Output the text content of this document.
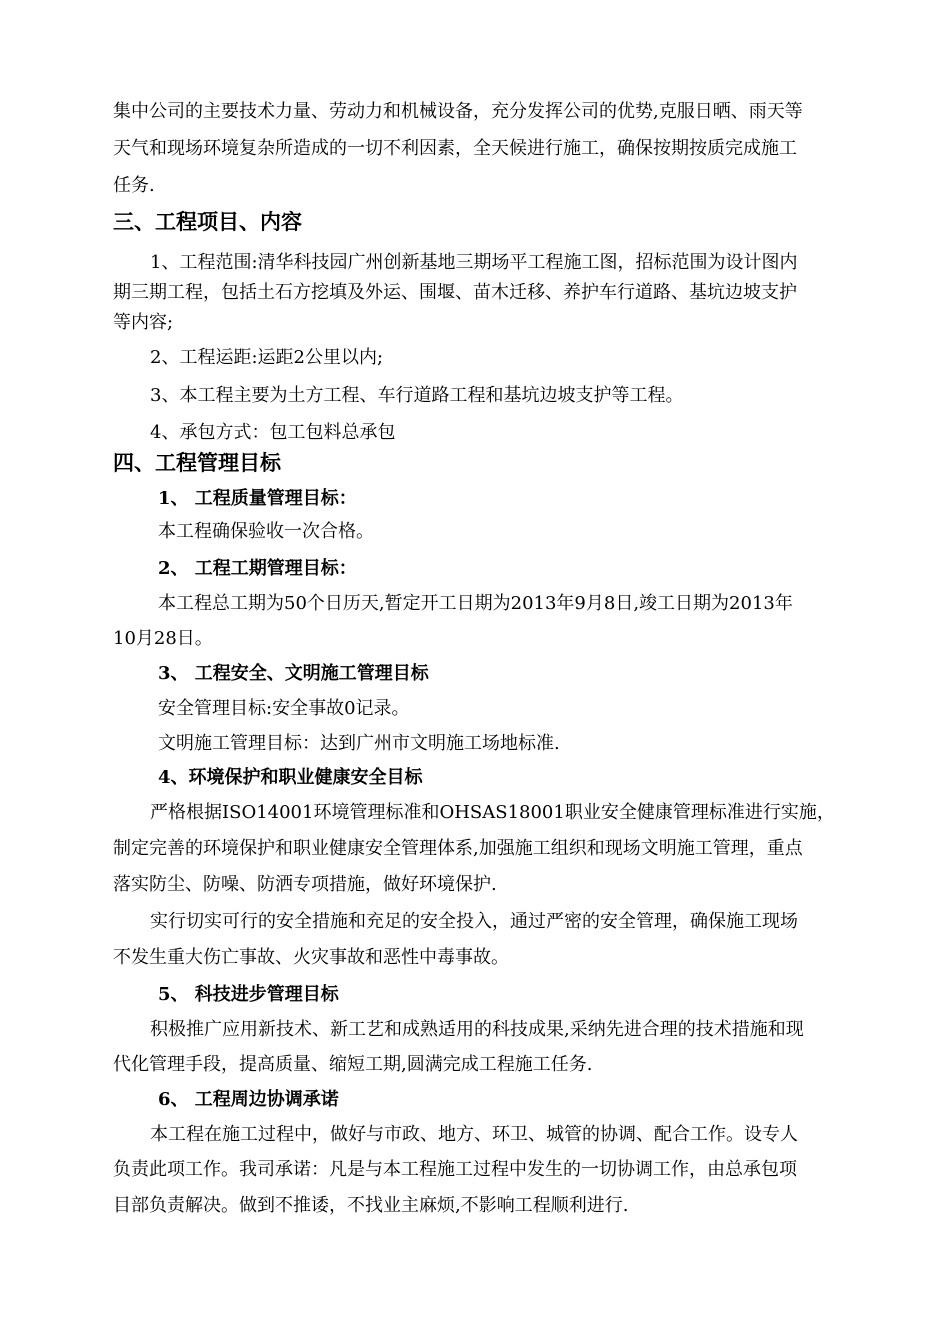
集中公司的主要技术力量、劳动力和机械设备，充分发挥公司的优势,克服日晒、雨天等
天气和现场环境复杂所造成的一切不利因素，全天候进行施工，确保按期按质完成施工
任务.
三、工程项目、内容
1、工程范围:清华科技园广州创新基地三期场平工程施工图，招标范围为设计图内
期三期工程，包括土石方挖填及外运、围堰、苗木迁移、养护车行道路、基坑边坡支护
等内容;
2、工程运距:运距2公里以内;
3、本工程主要为土方工程、车行道路工程和基坑边坡支护等工程。
4、承包方式：包工包料总承包
四、工程管理目标
1、 工程质量管理目标：
本工程确保验收一次合格。
2、 工程工期管理目标：
本工程总工期为50个日历天,暂定开工日期为2013年9月8日,竣工日期为2013年
10月28日。
3、 工程安全、文明施工管理目标
安全管理目标:安全事故0记录。
文明施工管理目标：达到广州市文明施工场地标准.
4、环境保护和职业健康安全目标
严格根据ISO14001环境管理标准和OHSAS18001职业安全健康管理标准进行实施，
制定完善的环境保护和职业健康安全管理体系,加强施工组织和现场文明施工管理，重点
落实防尘、防噪、防洒专项措施，做好环境保护.
实行切实可行的安全措施和充足的安全投入，通过严密的安全管理，确保施工现场
不发生重大伤亡事故、火灾事故和恶性中毒事故。
5、 科技进步管理目标
积极推广应用新技术、新工艺和成熟适用的科技成果,采纳先进合理的技术措施和现
代化管理手段，提高质量、缩短工期,圆满完成工程施工任务.
6、 工程周边协调承诺
本工程在施工过程中，做好与市政、地方、环卫、城管的协调、配合工作。设专人
负责此项工作。我司承诺：凡是与本工程施工过程中发生的一切协调工作，由总承包项
目部负责解决。做到不推诿，不找业主麻烦,不影响工程顺利进行.
